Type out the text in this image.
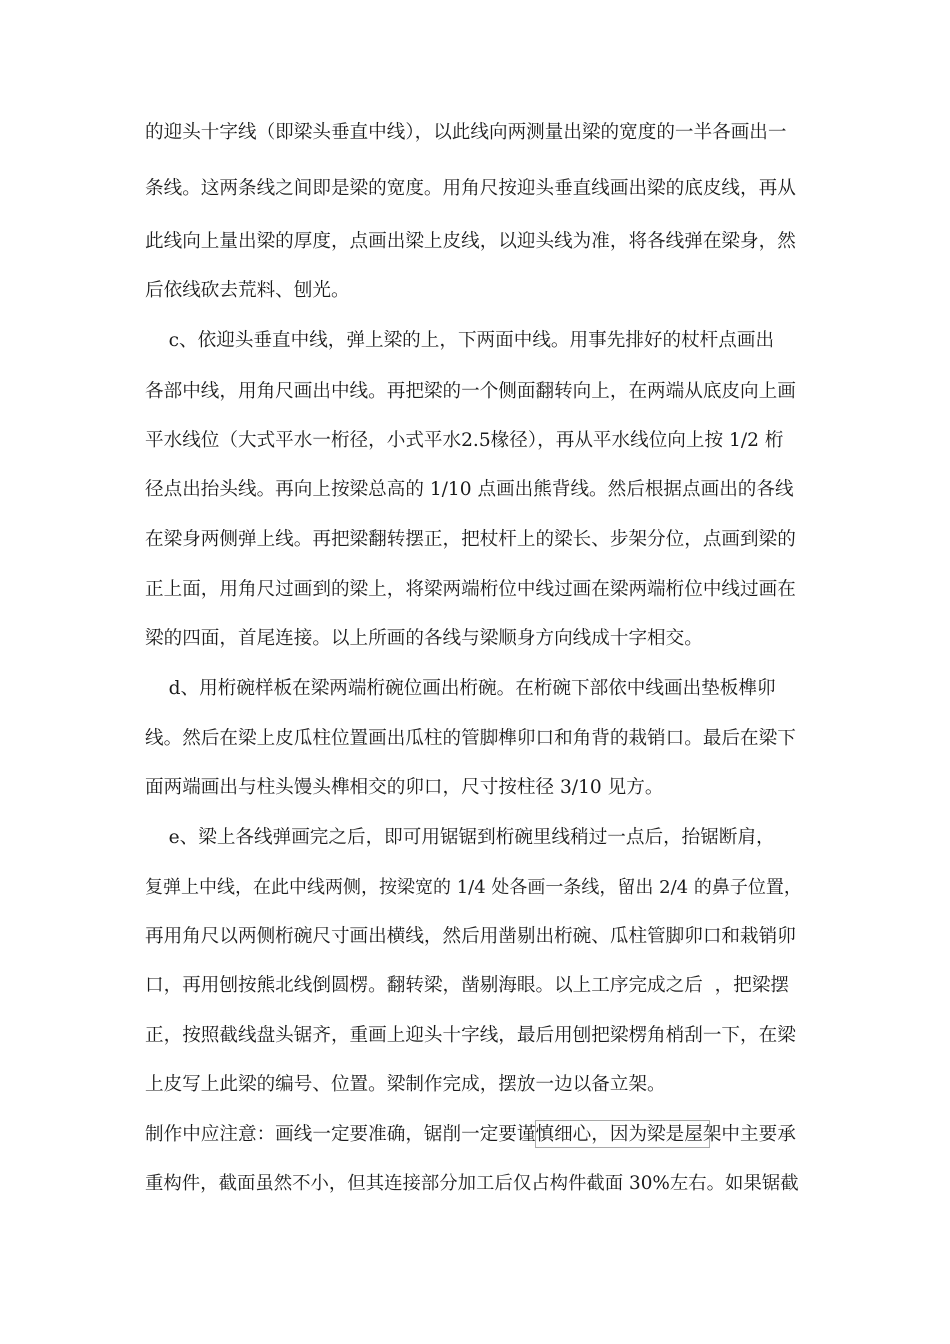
的迎头十字线（即梁头垂直中线），以此线向两测量出梁的宽度的一半各画出一
条线。这两条线之间即是梁的宽度。用角尺按迎头垂直线画出梁的底皮线，再从
此线向上量出梁的厚度，点画出梁上皮线，以迎头线为准，将各线弹在梁身，然
后依线砍去荒料、刨光。
c、依迎头垂直中线，弹上梁的上，下两面中线。用事先排好的杖杆点画出
各部中线，用角尺画出中线。再把梁的一个侧面翻转向上，在两端从底皮向上画
平水线位（大式平水一桁径，小式平水2.5椽径），再从平水线位向上按 1/2 桁
径点出抬头线。再向上按梁总高的 1/10 点画出熊背线。然后根据点画出的各线
在梁身两侧弹上线。再把梁翻转摆正，把杖杆上的梁长、步架分位，点画到梁的
正上面，用角尺过画到的梁上，将梁两端桁位中线过画在梁两端桁位中线过画在
梁的四面，首尾连接。以上所画的各线与梁顺身方向线成十字相交。
d、用桁碗样板在梁两端桁碗位画出桁碗。在桁碗下部依中线画出垫板榫卯
线。然后在梁上皮瓜柱位置画出瓜柱的管脚榫卯口和角背的栽销口。最后在梁下
面两端画出与柱头馒头榫相交的卯口，尺寸按柱径 3/10 见方。
e、梁上各线弹画完之后，即可用锯锯到桁碗里线稍过一点后，抬锯断肩，
复弹上中线，在此中线两侧，按梁宽的 1/4 处各画一条线，留出 2/4 的鼻子位置，
再用角尺以两侧桁碗尺寸画出横线，然后用凿剔出桁碗、瓜柱管脚卯口和栽销卯
口，再用刨按熊北线倒圆楞。翻转梁，凿剔海眼。以上工序完成之后  ，把梁摆
正，按照截线盘头锯齐，重画上迎头十字线，最后用刨把梁楞角梢刮一下，在梁
上皮写上此梁的编号、位置。梁制作完成，摆放一边以备立架。
制作中应注意：画线一定要准确，锯削一定要谨慎细心，因为梁是屋架中主要承
重构件，截面虽然不小，但其连接部分加工后仅占构件截面 30%左右。如果锯截
